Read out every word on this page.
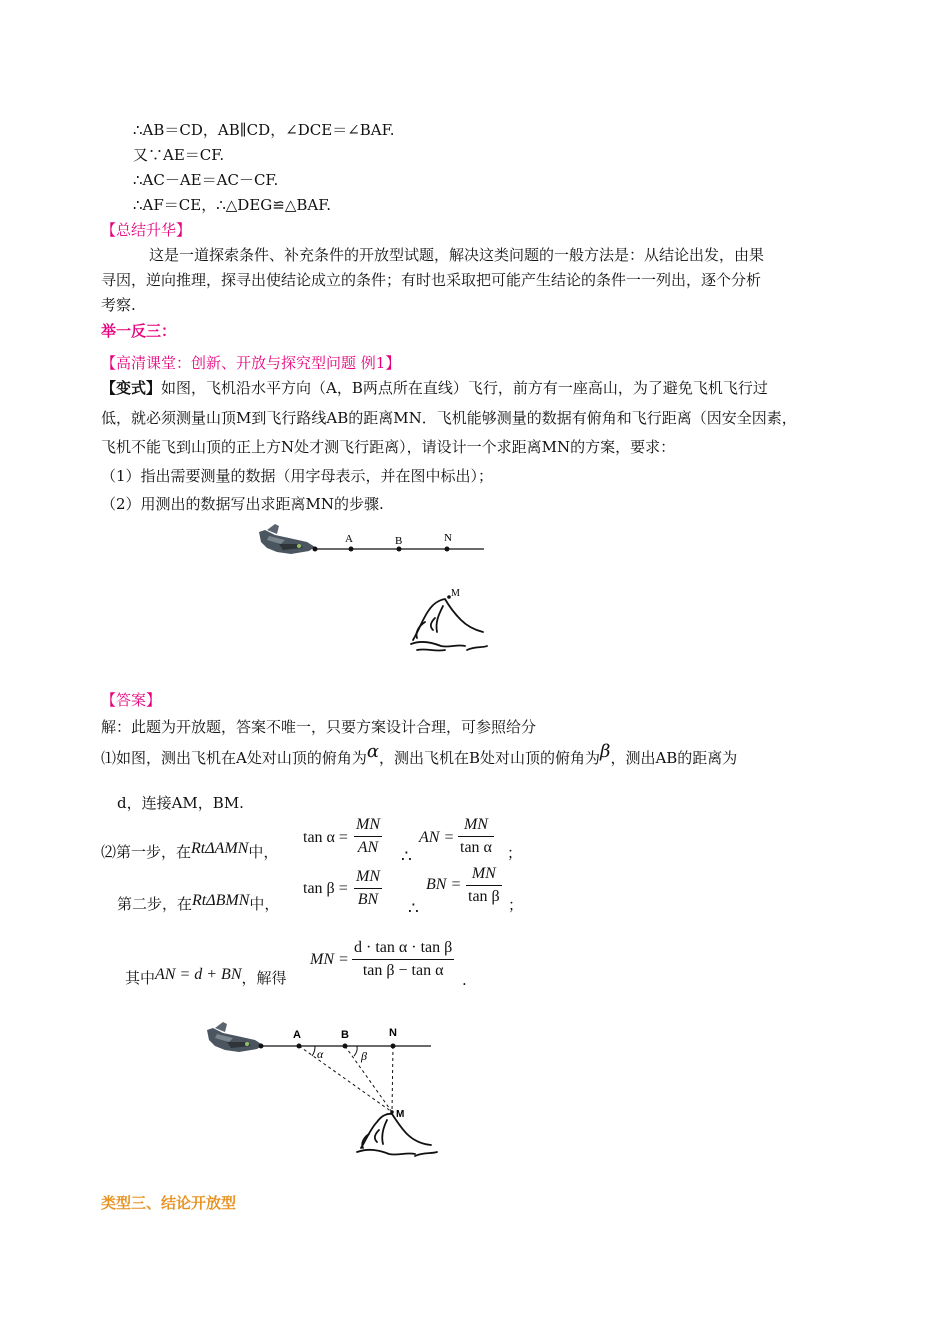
∴AB＝CD，AB∥CD，∠DCE＝∠BAF.
又∵AE＝CF.
∴AC－AE＝AC－CF.
∴AF＝CE，∴△DEG≌△BAF.
【总结升华】
这是一道探索条件、补充条件的开放型试题，解决这类问题的一般方法是：从结论出发，由果
寻因，逆向推理，探寻出使结论成立的条件；有时也采取把可能产生结论的条件一一列出，逐个分析
考察.
举一反三：
【高清课堂：创新、开放与探究型问题 例1】
【变式】如图，飞机沿水平方向（A，B两点所在直线）飞行，前方有一座高山，为了避免飞机飞行过
低，就必须测量山顶M到飞行路线AB的距离MN．飞机能够测量的数据有俯角和飞行距离（因安全因素，
飞机不能飞到山顶的正上方N处才测飞行距离），请设计一个求距离MN的方案，要求：
（1）指出需要测量的数据（用字母表示，并在图中标出）；
（2）用测出的数据写出求距离MN的步骤.
A	B	N
M
【答案】
解：此题为开放题，答案不唯一，只要方案设计合理，可参照给分
⑴如图，测出飞机在A处对山顶的俯角为α，测出飞机在B处对山顶的俯角为β，测出AB的距离为
d，连接AM，BM.
⑵第一步，在RtΔAMN中，
$\tan \alpha = \frac{MN}{AN}$ ∴
AN = $\frac{MN}{\text{tan α}}$ ；
第二步，在RtΔBMN中，
$\tan \beta = \frac{MN}{BN}$ ∴
BN = $\frac{MN}{\text{tan β}}$ ；
其中AN = d + BN，解得
MN = $\frac{\text{d · tan α · tan β}}{\text{tan β − tan α}}$ .
A	B	N
α	β
M
类型三、结论开放型
